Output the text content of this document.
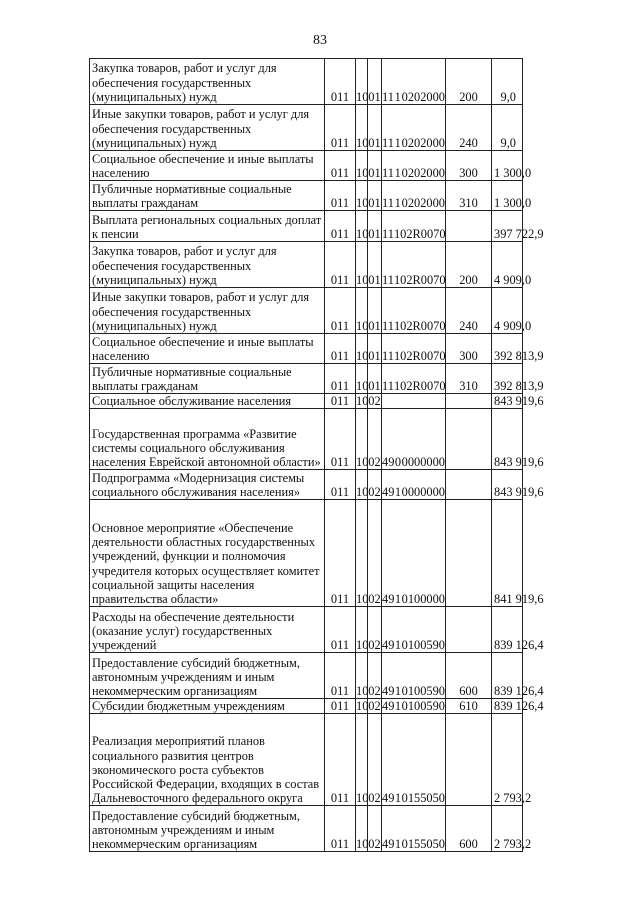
83
Закупка товаров, работ и услуг для обеспечения государственных (муниципальных) нужд	011	10	01	11 1 02 02000	200	9,0
Иные закупки товаров, работ и услуг для обеспечения государственных (муниципальных) нужд	011	10	01	11 1 02 02000	240	9,0
Социальное обеспечение и иные выплаты населению	011	10	01	11 1 02 02000	300	1 300,0
Публичные нормативные социальные выплаты гражданам	011	10	01	11 1 02 02000	310	1 300,0
Выплата региональных социальных доплат к пенсии	011	10	01	11 1 02 R0070		397 722,9
Закупка товаров, работ и услуг для обеспечения государственных (муниципальных) нужд	011	10	01	11 1 02 R0070	200	4 909,0
Иные закупки товаров, работ и услуг для обеспечения государственных (муниципальных) нужд	011	10	01	11 1 02 R0070	240	4 909,0
Социальное обеспечение и иные выплаты населению	011	10	01	11 1 02 R0070	300	392 813,9
Публичные нормативные социальные выплаты гражданам	011	10	01	11 1 02 R0070	310	392 813,9
Социальное обслуживание населения	011	10	02			843 919,6
Государственная программа «Развитие системы социального обслуживания населения Еврейской автономной области»	011	10	02	49 0 00 00000		843 919,6
Подпрограмма «Модернизация системы социального обслуживания населения»	011	10	02	49 1 00 00000		843 919,6
Основное мероприятие «Обеспечение деятельности областных государственных учреждений, функции и полномочия учредителя которых осуществляет комитет социальной защиты населения правительства области»	011	10	02	49 1 01 00000		841 919,6
Расходы на обеспечение деятельности (оказание услуг) государственных учреждений	011	10	02	49 1 01 00590		839 126,4
Предоставление субсидий бюджетным, автономным учреждениям и иным некоммерческим организациям	011	10	02	49 1 01 00590	600	839 126,4
Субсидии бюджетным учреждениям	011	10	02	49 1 01 00590	610	839 126,4
Реализация мероприятий планов социального развития центров экономического роста субъектов Российской Федерации, входящих в состав Дальневосточного федерального округа	011	10	02	49 1 01 55050		2 793,2
Предоставление субсидий бюджетным, автономным учреждениям и иным некоммерческим организациям	011	10	02	49 1 01 55050	600	2 793,2
